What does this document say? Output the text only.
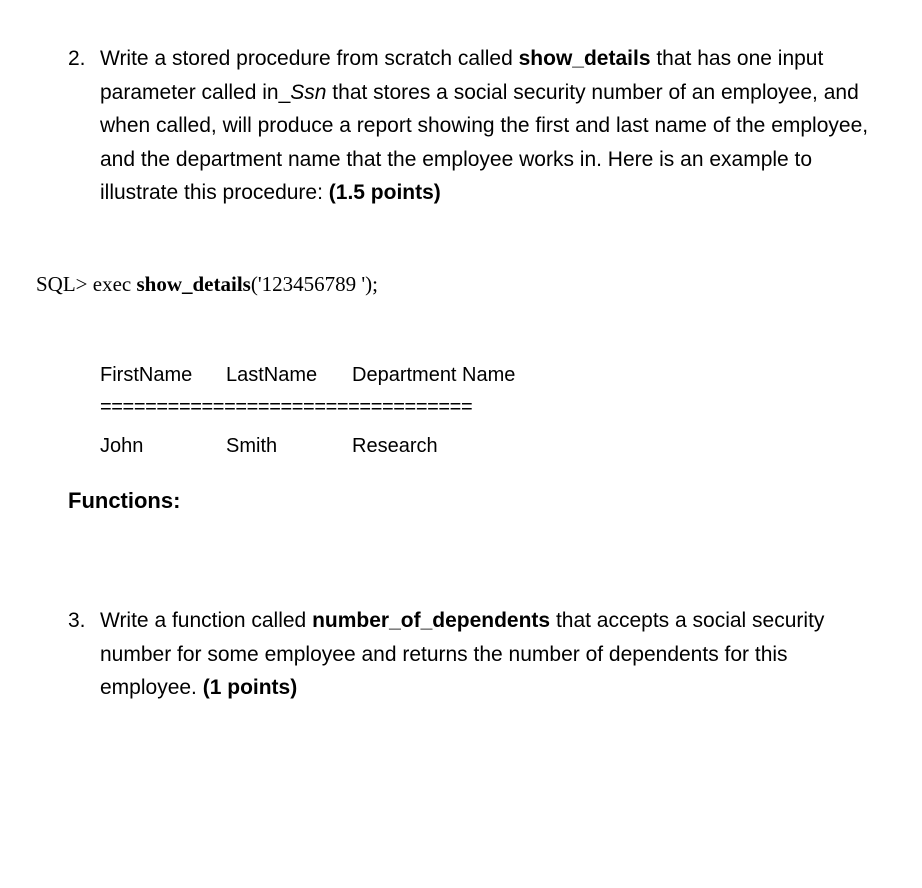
2. Write a stored procedure from scratch called show_details that has one input parameter called in_Ssn that stores a social security number of an employee, and when called, will produce a report showing the first and last name of the employee, and the department name that the employee works in. Here is an example to illustrate this procedure: (1.5 points)
SQL> exec show_details('123456789 ');
FirstName LastName Department Name
=================================
John	Smith	Research
Functions:
3. Write a function called number_of_dependents that accepts a social security number for some employee and returns the number of dependents for this employee. (1 points)
